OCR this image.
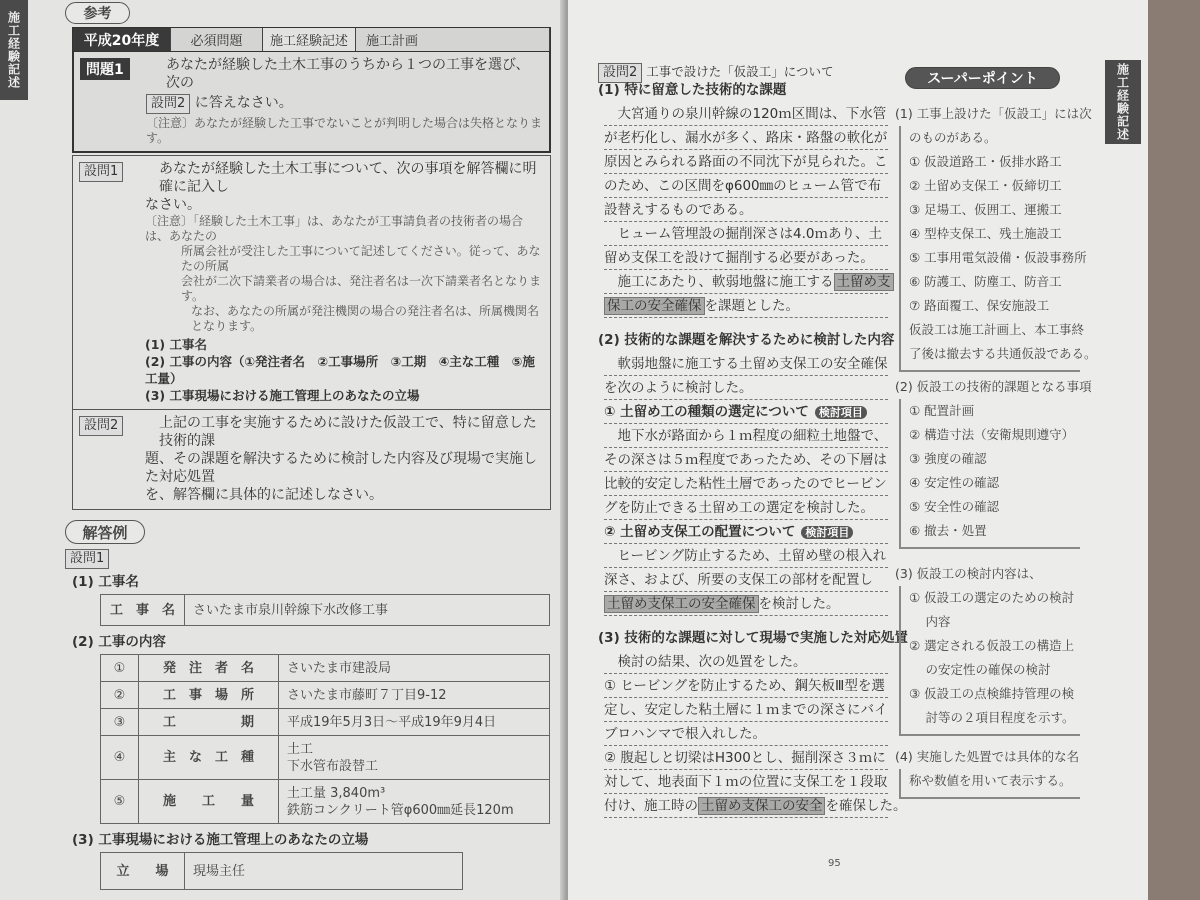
施工経験記述	参考
平成20年度	必須問題	施工経験記述	施工計画
問題1	あなたが経験した土木工事のうちから１つの工事を選び、次の
設問2 に答えなさい。
〔注意〕あなたが経験した工事でないことが判明した場合は失格となります。
設問1	あなたが経験した土木工事について、次の事項を解答欄に明確に記入し
なさい。
〔注意〕「経験した土木工事」は、あなたが工事請負者の技術者の場合は、あなたの
所属会社が受注した工事について記述してください。従って、あなたの所属
会社が二次下請業者の場合は、発注者名は一次下請業者名となります。
なお、あなたの所属が発注機関の場合の発注者名は、所属機関名となります。
(1) 工事名
(2) 工事の内容（①発注者名　②工事場所　③工期　④主な工種　⑤施工量）
(3) 工事現場における施工管理上のあなたの立場
設問2	上記の工事を実施するために設けた仮設工で、特に留意した技術的課
題、その課題を解決するために検討した内容及び現場で実施した対応処置
を、解答欄に具体的に記述しなさい。
解答例
設問1
(1) 工事名
工　事　名	さいたま市泉川幹線下水改修工事
(2) 工事の内容
①	発　注　者　名	さいたま市建設局
②	工　事　場　所	さいたま市藤町７丁目9-12
③	工　　　　　期	平成19年5月3日～平成19年9月4日
④	主　な　工　種	土工
下水管布設替工

⑤	施　　工　　量	土工量 3,840m³
鉄筋コンクリート管φ600㎜延長120m
(3) 工事現場における施工管理上のあなたの立場
立　　場	現場主任
設問2 工事で設けた「仮設工」について
(1) 特に留意した技術的な課題
　大宮通りの泉川幹線の120ｍ区間は、下水管
が老朽化し、漏水が多く、路床・路盤の軟化が
原因とみられる路面の不同沈下が見られた。こ
のため、この区間をφ600㎜のヒューム管で布
設替えするものである。
　ヒューム管埋設の掘削深さは4.0ｍあり、土
留め支保工を設けて掘削する必要があった。
　施工にあたり、軟弱地盤に施工する 土留め支
保工の安全確保 を課題とした。
(2) 技術的な課題を解決するために検討した内容
　軟弱地盤に施工する土留め支保工の安全確保
を次のように検討した。
① 土留め工の種類の選定について 検討項目
　地下水が路面から１ｍ程度の細粒土地盤で、
その深さは５ｍ程度であったため、その下層は
比較的安定した粘性土層であったのでヒービン
グを防止できる土留め工の選定を検討した。
② 土留め支保工の配置について 検討項目
　ヒービング防止するため、土留め壁の根入れ
深さ、および、所要の支保工の部材を配置し
土留め支保工の安全確保 を検討した。
(3) 技術的な課題に対して現場で実施した対応処置
　検討の結果、次の処置をした。
① ヒービングを防止するため、鋼矢板Ⅲ型を選
定し、安定した粘土層に１ｍまでの深さにバイ
ブロハンマで根入れした。
② 腹起しと切梁はH300とし、掘削深さ３ｍに
対して、地表面下１ｍの位置に支保工を１段取
付け、施工時の 土留め支保工の安全 を確保した。
スーパーポイント
(1) 工事上設けた「仮設工」には次
のものがある。
① 仮設道路工・仮排水路工
② 土留め支保工・仮締切工
③ 足場工、仮囲工、運搬工
④ 型枠支保工、残土施設工
⑤ 工事用電気設備・仮設事務所
⑥ 防護工、防塵工、防音工
⑦ 路面覆工、保安施設工
仮設工は施工計画上、本工事終
了後は撤去する共通仮設である。
(2) 仮設工の技術的課題となる事項
① 配置計画
② 構造寸法（安衛規則遵守）
③ 強度の確認
④ 安定性の確認
⑤ 安全性の確認
⑥ 撤去・処置
(3) 仮設工の検討内容は、
① 仮設工の選定のための検討
　 内容
② 選定される仮設工の構造上
　 の安定性の確保の検討
③ 仮設工の点検維持管理の検
　 討等の２項目程度を示す。
(4) 実施した処置では具体的な名
称や数値を用いて表示する。
施工経験記述
95
